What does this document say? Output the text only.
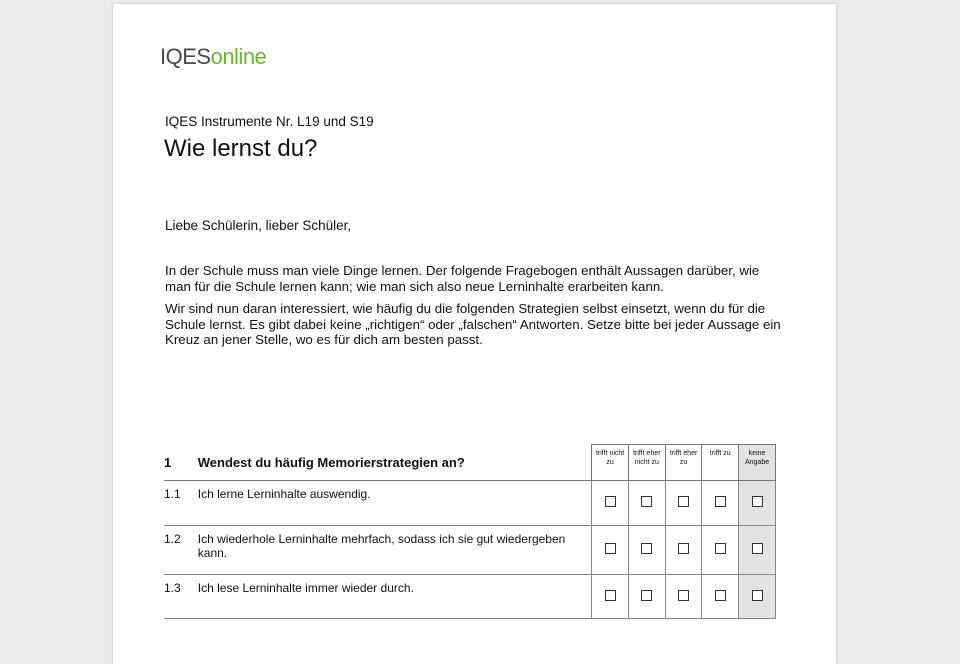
IQESonline
IQES Instrumente Nr. L19 und S19
Wie lernst du?
Liebe Schülerin, lieber Schüler,

In der Schule muss man viele Dinge lernen. Der folgende Fragebogen enthält Aussagen darüber, wie man für die Schule lernen kann; wie man sich also neue Lerninhalte erarbeiten kann.

Wir sind nun daran interessiert, wie häufig du die folgenden Strategien selbst einsetzt, wenn du für die Schule lernst. Es gibt dabei keine „richtigen“ oder „falschen“ Antworten. Setze bitte bei jeder Aussage ein Kreuz an jener Stelle, wo es für dich am besten passt.

1	Wendest du häufig Memorierstrategien an?	trifft nicht zu	trifft eher nicht zu	trifft eher zu	trifft zu	keine Angabe
1.1	Ich lerne Lerninhalte auswendig.					
1.2	Ich wiederhole Lerninhalte mehrfach, sodass ich sie gut wiedergeben kann.					
1.3	Ich lese Lerninhalte immer wieder durch.					
